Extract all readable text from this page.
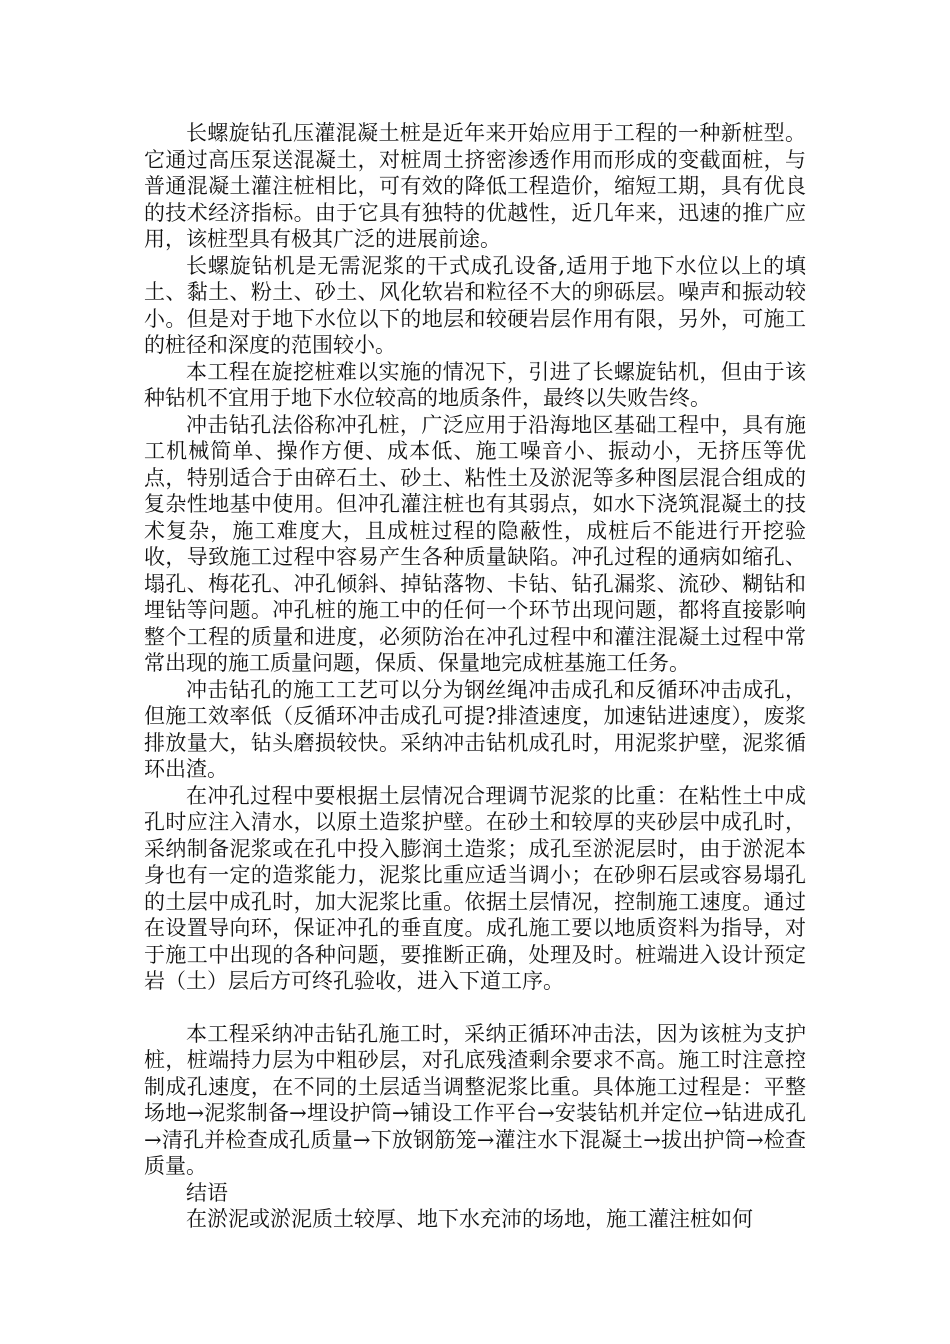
长螺旋钻孔压灌混凝土桩是近年来开始应用于工程的一种新桩型。它通过高压泵送混凝土，对桩周土挤密渗透作用而形成的变截面桩，与普通混凝土灌注桩相比，可有效的降低工程造价，缩短工期，具有优良的技术经济指标。由于它具有独特的优越性，近几年来，迅速的推广应用，该桩型具有极其广泛的进展前途。

长螺旋钻机是无需泥浆的干式成孔设备,适用于地下水位以上的填土、黏土、粉土、砂土、风化软岩和粒径不大的卵砾层。噪声和振动较小。但是对于地下水位以下的地层和较硬岩层作用有限，另外，可施工的桩径和深度的范围较小。

本工程在旋挖桩难以实施的情况下，引进了长螺旋钻机，但由于该种钻机不宜用于地下水位较高的地质条件，最终以失败告终。

冲击钻孔法俗称冲孔桩，广泛应用于沿海地区基础工程中，具有施工机械简单、操作方便、成本低、施工噪音小、振动小，无挤压等优点，特别适合于由碎石土、砂土、粘性土及淤泥等多种图层混合组成的复杂性地基中使用。但冲孔灌注桩也有其弱点，如水下浇筑混凝土的技术复杂，施工难度大，且成桩过程的隐蔽性，成桩后不能进行开挖验收，导致施工过程中容易产生各种质量缺陷。冲孔过程的通病如缩孔、塌孔、梅花孔、冲孔倾斜、掉钻落物、卡钻、钻孔漏浆、流砂、糊钻和埋钻等问题。冲孔桩的施工中的任何一个环节出现问题，都将直接影响整个工程的质量和进度，必须防治在冲孔过程中和灌注混凝土过程中常常出现的施工质量问题，保质、保量地完成桩基施工任务。

冲击钻孔的施工工艺可以分为钢丝绳冲击成孔和反循环冲击成孔，但施工效率低（反循环冲击成孔可提?排渣速度，加速钻进速度），废浆排放量大，钻头磨损较快。采纳冲击钻机成孔时，用泥浆护壁，泥浆循环出渣。

在冲孔过程中要根据土层情况合理调节泥浆的比重：在粘性土中成孔时应注入清水，以原土造浆护壁。在砂土和较厚的夹砂层中成孔时，采纳制备泥浆或在孔中投入膨润土造浆；成孔至淤泥层时，由于淤泥本身也有一定的造浆能力，泥浆比重应适当调小；在砂卵石层或容易塌孔的土层中成孔时，加大泥浆比重。依据土层情况，控制施工速度。通过在设置导向环，保证冲孔的垂直度。成孔施工要以地质资料为指导，对于施工中出现的各种问题，要推断正确，处理及时。桩端进入设计预定岩（土）层后方可终孔验收，进入下道工序。

本工程采纳冲击钻孔施工时，采纳正循环冲击法，因为该桩为支护桩，桩端持力层为中粗砂层，对孔底残渣剩余要求不高。施工时注意控制成孔速度，在不同的土层适当调整泥浆比重。具体施工过程是：平整场地→泥浆制备→埋设护筒→铺设工作平台→安装钻机并定位→钻进成孔→清孔并检查成孔质量→下放钢筋笼→灌注水下混凝土→拔出护筒→检查质量。

结语

在淤泥或淤泥质土较厚、地下水充沛的场地，施工灌注桩如何
